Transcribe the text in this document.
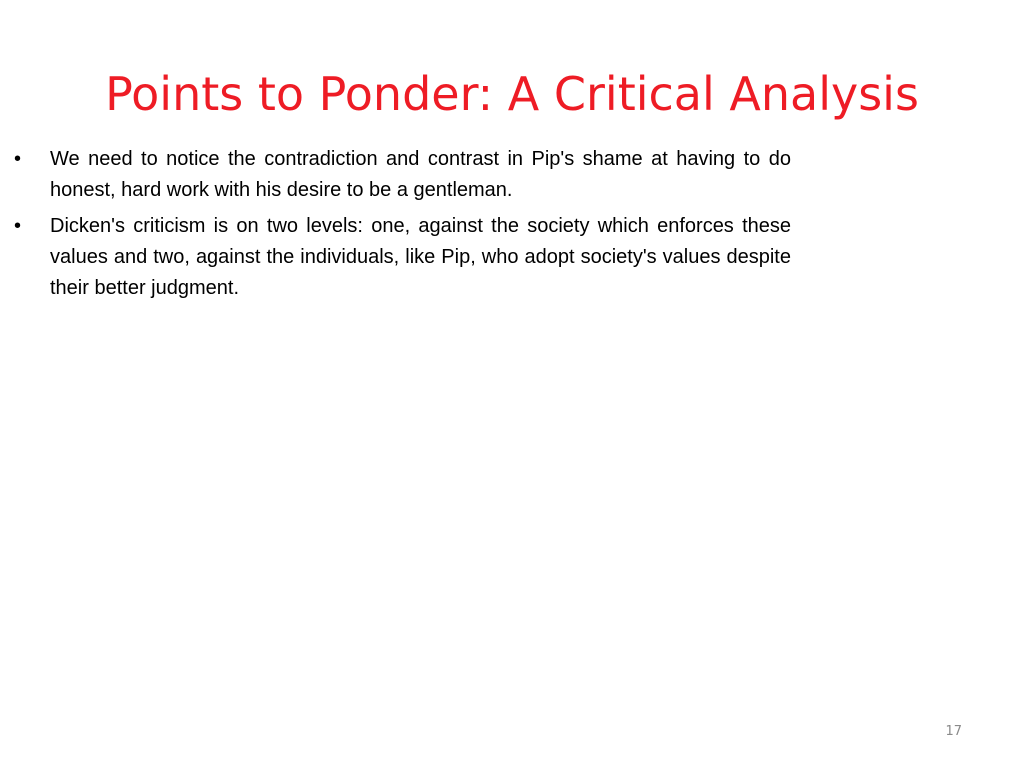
Points to Ponder: A Critical Analysis
•	We need to notice the contradiction and contrast in Pip's shame at having to do honest, hard work with his desire to be a gentleman.
•	Dicken's criticism is on two levels: one, against the society which enforces these values and two, against the individuals, like Pip, who adopt society's values despite their better judgment.
17
